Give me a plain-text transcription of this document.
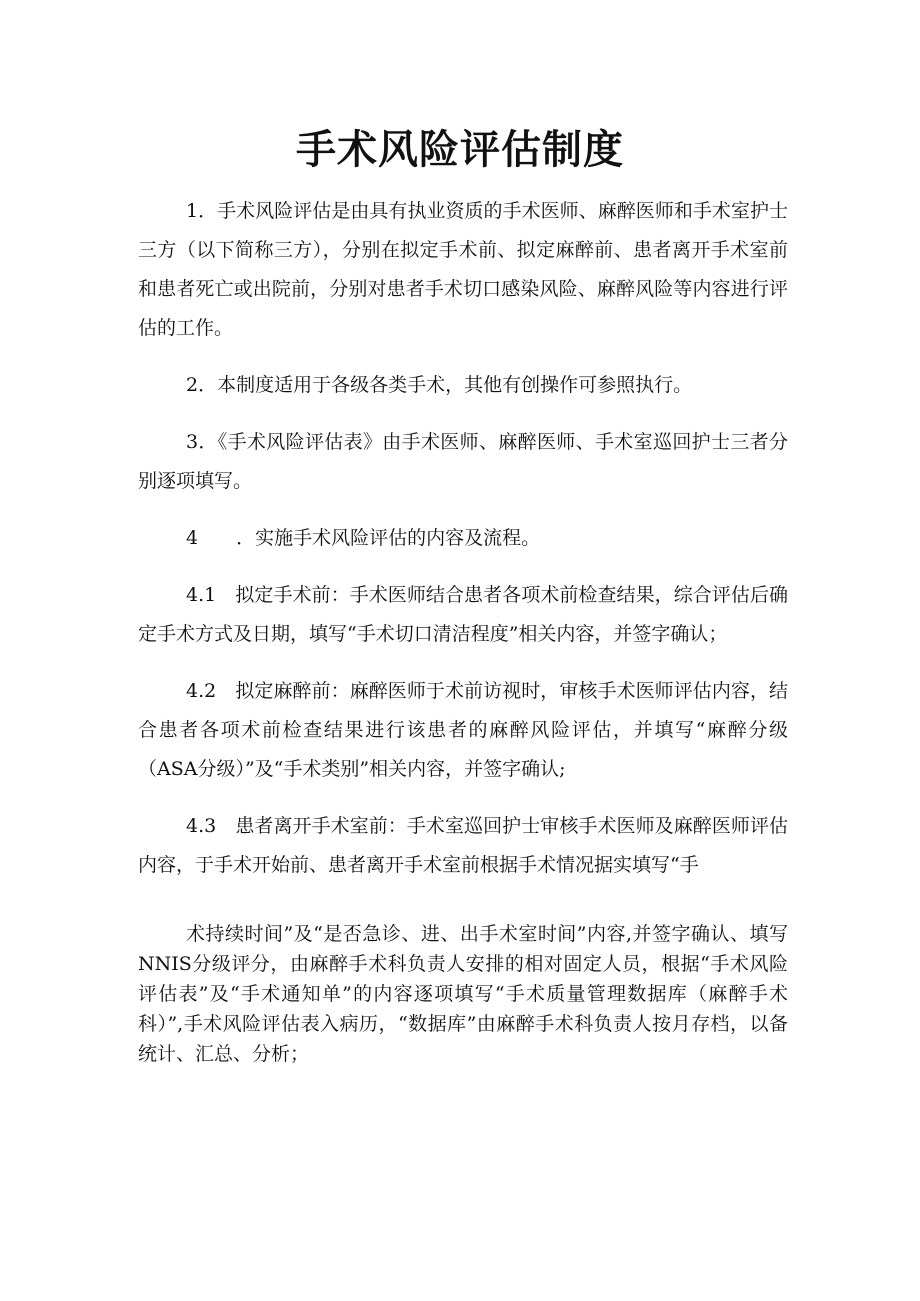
手术风险评估制度

1．手术风险评估是由具有执业资质的手术医师、麻醉医师和手术室护士三方（以下简称三方），分别在拟定手术前、拟定麻醉前、患者离开手术室前和患者死亡或出院前，分别对患者手术切口感染风险、麻醉风险等内容进行评估的工作。

2．本制度适用于各级各类手术，其他有创操作可参照执行。

3．《手术风险评估表》由手术医师、麻醉医师、手术室巡回护士三者分别逐项填写。

4　　．实施手术风险评估的内容及流程。

4.1　拟定手术前：手术医师结合患者各项术前检查结果，综合评估后确定手术方式及日期，填写“手术切口清洁程度”相关内容，并签字确认；

4.2　拟定麻醉前：麻醉医师于术前访视时，审核手术医师评估内容，结合患者各项术前检查结果进行该患者的麻醉风险评估，并填写“麻醉分级（ASA分级）”及“手术类别”相关内容，并签字确认;

4.3　患者离开手术室前：手术室巡回护士审核手术医师及麻醉医师评估内容，于手术开始前、患者离开手术室前根据手术情况据实填写“手

术持续时间”及“是否急诊、进、出手术室时间”内容,并签字确认、填写NNIS分级评分，由麻醉手术科负责人安排的相对固定人员，根据“手术风险评估表”及“手术通知单”的内容逐项填写“手术质量管理数据库（麻醉手术科）”,手术风险评估表入病历，“数据库”由麻醉手术科负责人按月存档，以备统计、汇总、分析；
